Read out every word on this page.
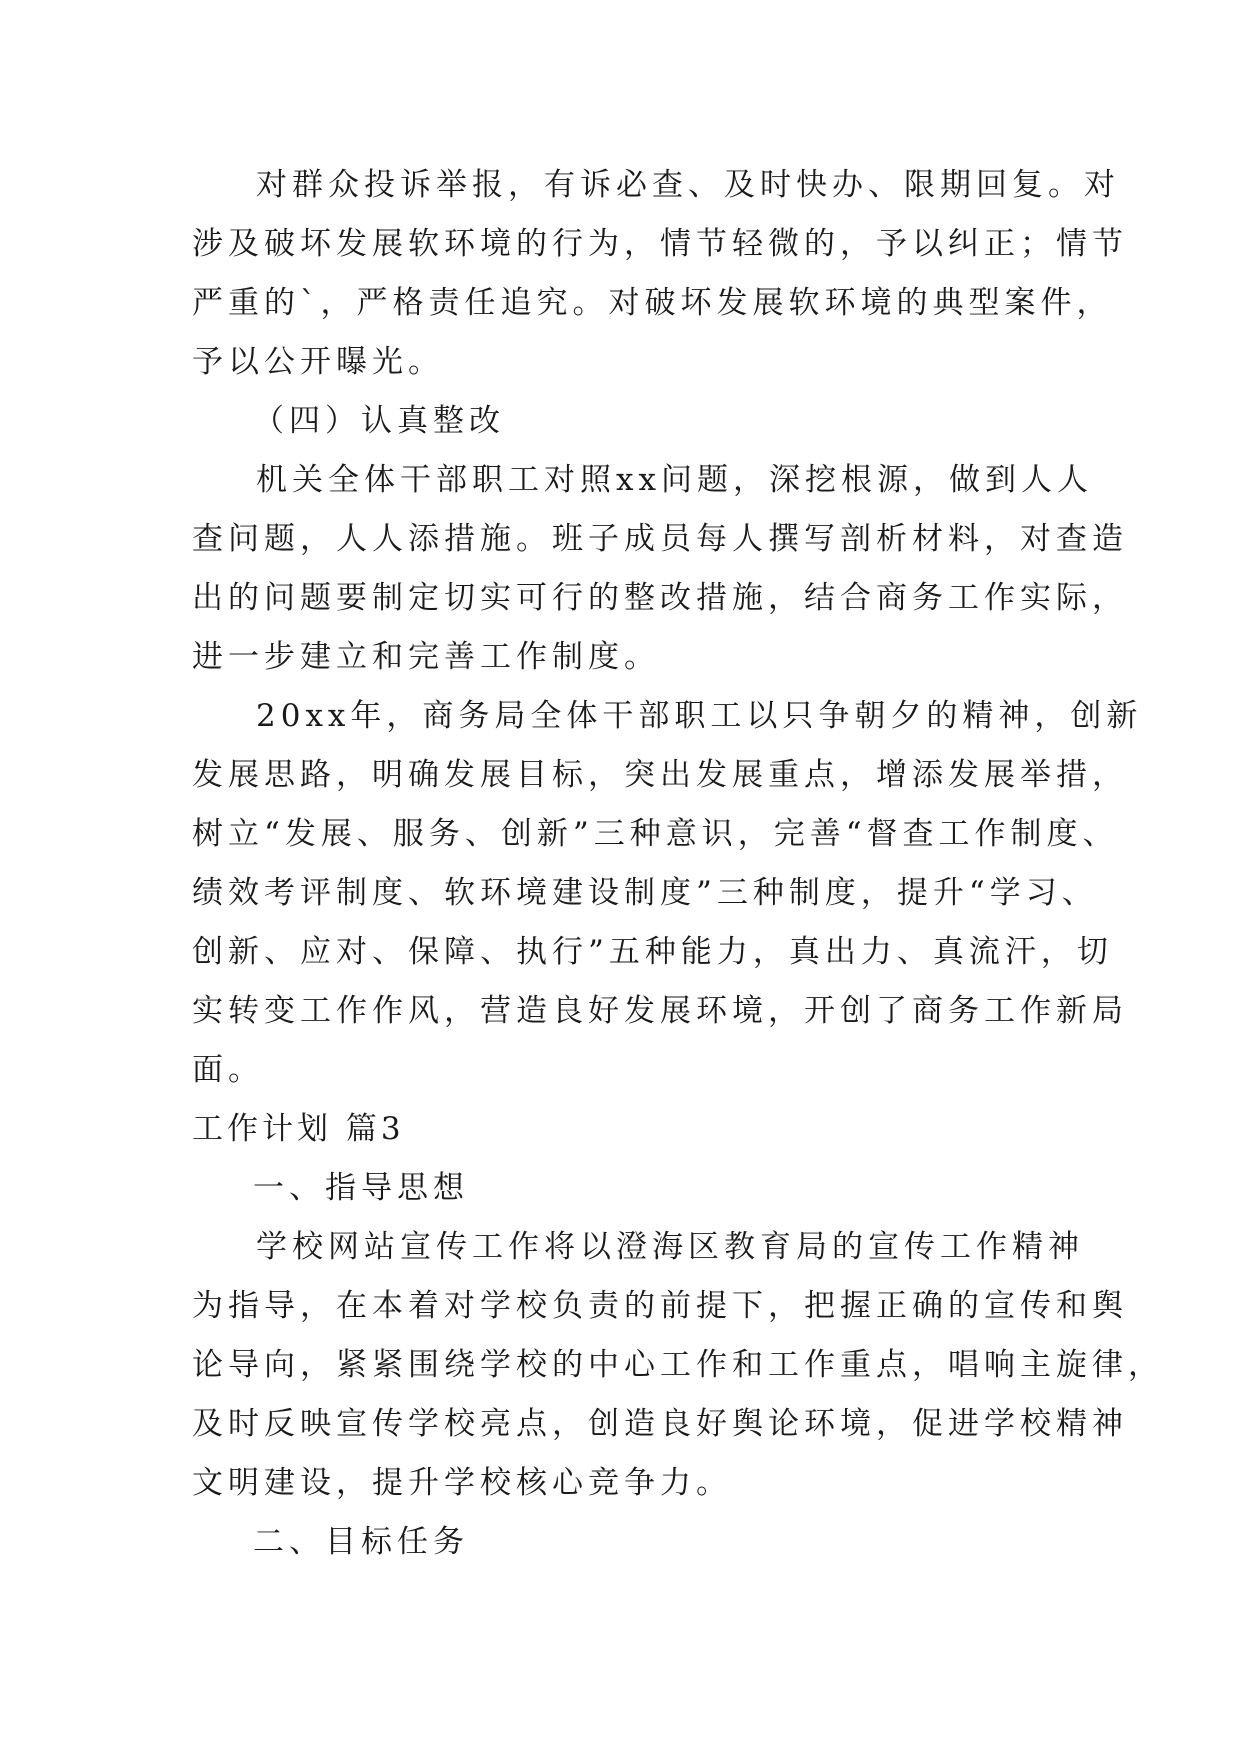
对群众投诉举报，有诉必查、及时快办、限期回复。对
涉及破坏发展软环境的行为，情节轻微的，予以纠正；情节
严重的`，严格责任追究。对破坏发展软环境的典型案件，
予以公开曝光。
（四）认真整改
机关全体干部职工对照xx问题，深挖根源，做到人人
查问题，人人添措施。班子成员每人撰写剖析材料，对查造
出的问题要制定切实可行的整改措施，结合商务工作实际，
进一步建立和完善工作制度。
20xx年，商务局全体干部职工以只争朝夕的精神，创新
发展思路，明确发展目标，突出发展重点，增添发展举措，
树立“发展、服务、创新”三种意识，完善“督查工作制度、
绩效考评制度、软环境建设制度”三种制度，提升“学习、
创新、应对、保障、执行”五种能力，真出力、真流汗，切
实转变工作作风，营造良好发展环境，开创了商务工作新局
面。
工作计划 篇3
一、指导思想
学校网站宣传工作将以澄海区教育局的宣传工作精神
为指导，在本着对学校负责的前提下，把握正确的宣传和舆
论导向，紧紧围绕学校的中心工作和工作重点，唱响主旋律，
及时反映宣传学校亮点，创造良好舆论环境，促进学校精神
文明建设，提升学校核心竞争力。
二、目标任务
